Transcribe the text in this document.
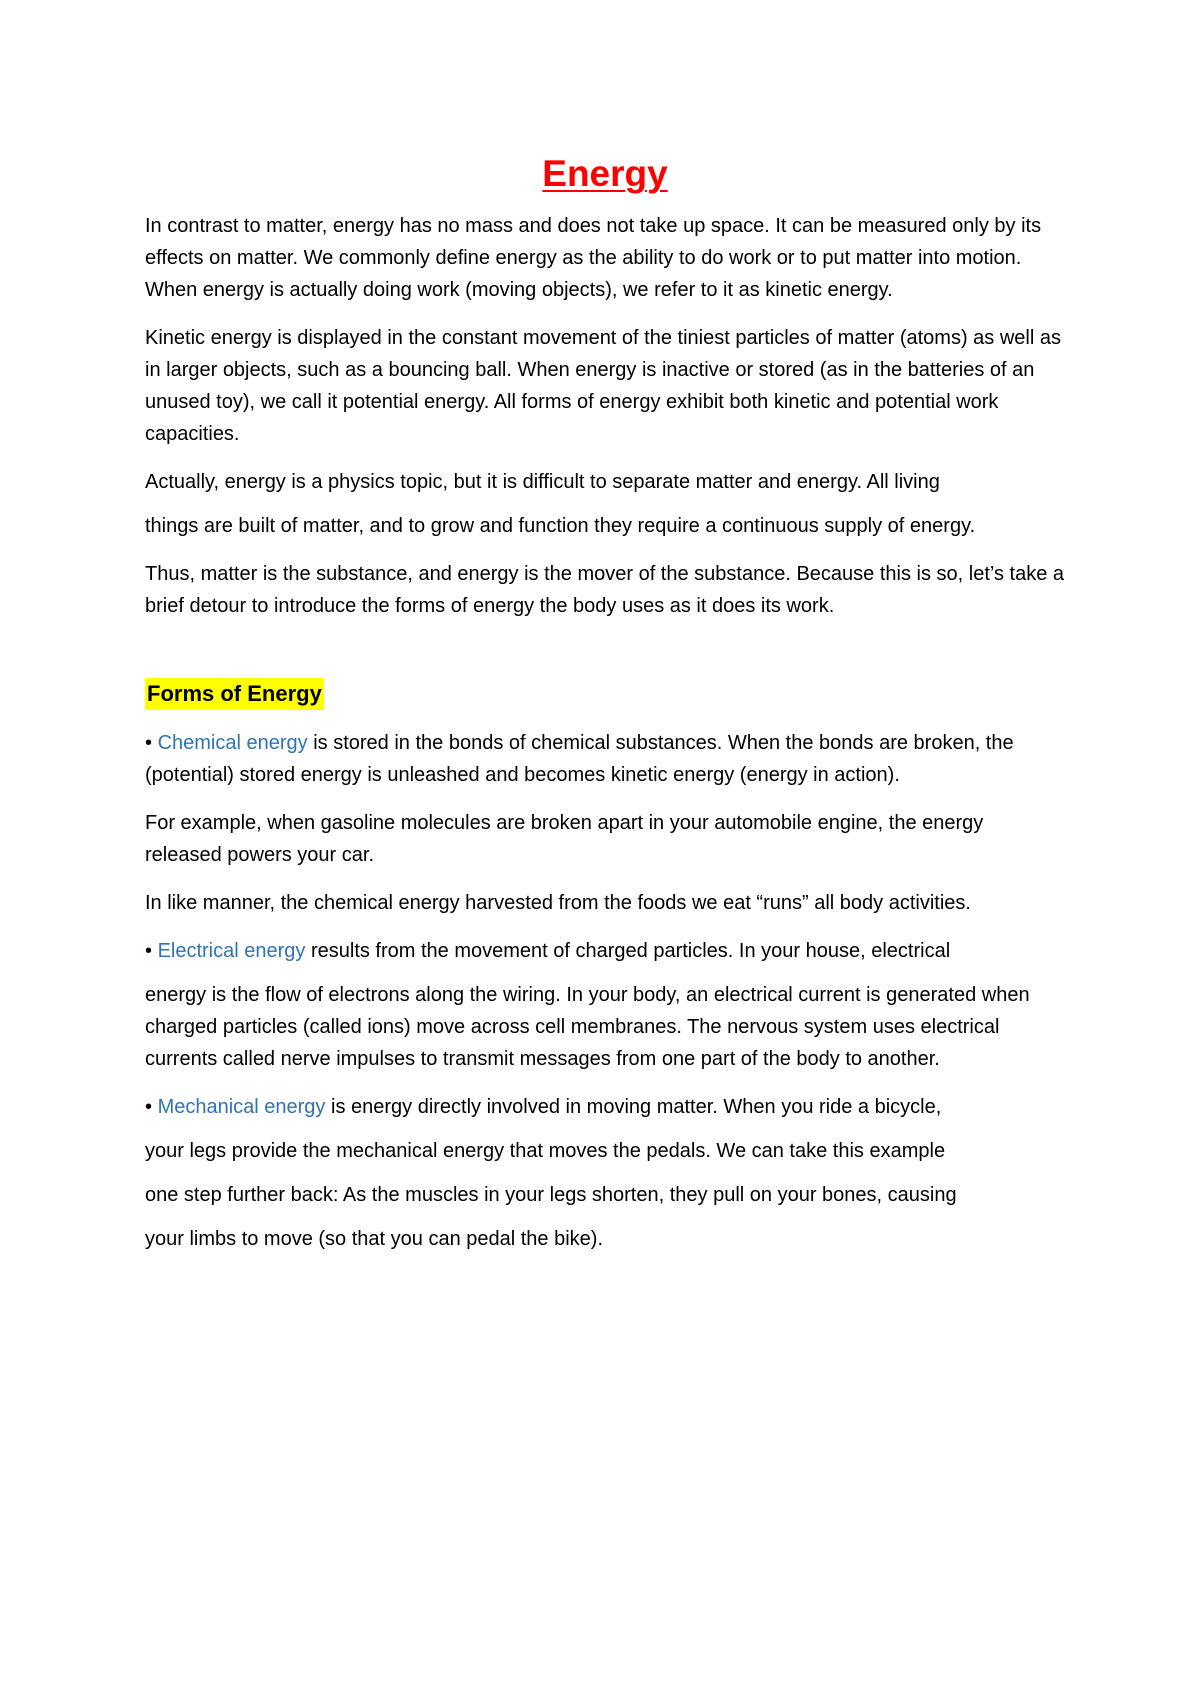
Energy

In contrast to matter, energy has no mass and does not take up space. It can be measured only by its effects on matter. We commonly define energy as the ability to do work or to put matter into motion. When energy is actually doing work (moving objects), we refer to it as kinetic energy.

Kinetic energy is displayed in the constant movement of the tiniest particles of matter (atoms) as well as in larger objects, such as a bouncing ball. When energy is inactive or stored (as in the batteries of an unused toy), we call it potential energy. All forms of energy exhibit both kinetic and potential work capacities.

Actually, energy is a physics topic, but it is difficult to separate matter and energy. All living

things are built of matter, and to grow and function they require a continuous supply of energy.

Thus, matter is the substance, and energy is the mover of the substance. Because this is so, let’s take a brief detour to introduce the forms of energy the body uses as it does its work.

Forms of Energy

• Chemical energy is stored in the bonds of chemical substances. When the bonds are broken, the (potential) stored energy is unleashed and becomes kinetic energy (energy in action).

For example, when gasoline molecules are broken apart in your automobile engine, the energy released powers your car.

In like manner, the chemical energy harvested from the foods we eat “runs” all body activities.

• Electrical energy results from the movement of charged particles. In your house, electrical

energy is the flow of electrons along the wiring. In your body, an electrical current is generated when charged particles (called ions) move across cell membranes. The nervous system uses electrical currents called nerve impulses to transmit messages from one part of the body to another.

• Mechanical energy is energy directly involved in moving matter. When you ride a bicycle,

your legs provide the mechanical energy that moves the pedals. We can take this example

one step further back: As the muscles in your legs shorten, they pull on your bones, causing

your limbs to move (so that you can pedal the bike).
